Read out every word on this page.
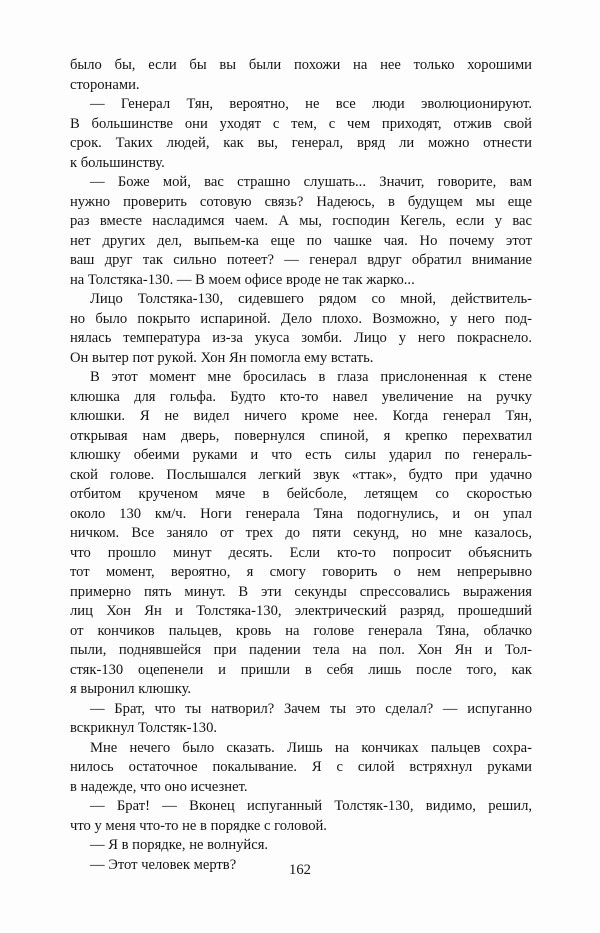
было бы, если бы вы были похожи на нее только хорошими
сторонами.
— Генерал Тян, вероятно, не все люди эволюционируют.
В большинстве они уходят с тем, с чем приходят, отжив свой
срок. Таких людей, как вы, генерал, вряд ли можно отнести
к большинству.
— Боже мой, вас страшно слушать... Значит, говорите, вам
нужно проверить сотовую связь? Надеюсь, в будущем мы еще
раз вместе насладимся чаем. А мы, господин Кегель, если у вас
нет других дел, выпьем-ка еще по чашке чая. Но почему этот
ваш друг так сильно потеет? — генерал вдруг обратил внимание
на Толстяка-130. — В моем офисе вроде не так жарко...
Лицо Толстяка-130, сидевшего рядом со мной, действитель-
но было покрыто испариной. Дело плохо. Возможно, у него под-
нялась температура из-за укуса зомби. Лицо у него покраснело.
Он вытер пот рукой. Хон Ян помогла ему встать.
В этот момент мне бросилась в глаза прислоненная к стене
клюшка для гольфа. Будто кто-то навел увеличение на ручку
клюшки. Я не видел ничего кроме нее. Когда генерал Тян,
открывая нам дверь, повернулся спиной, я крепко перехватил
клюшку обеими руками и что есть силы ударил по генераль-
ской голове. Послышался легкий звук «ттак», будто при удачно
отбитом крученом мяче в бейсболе, летящем со скоростью
около 130 км/ч. Ноги генерала Тяна подогнулись, и он упал
ничком. Все заняло от трех до пяти секунд, но мне казалось,
что прошло минут десять. Если кто-то попросит объяснить
тот момент, вероятно, я смогу говорить о нем непрерывно
примерно пять минут. В эти секунды спрессовались выражения
лиц Хон Ян и Толстяка-130, электрический разряд, прошедший
от кончиков пальцев, кровь на голове генерала Тяна, облачко
пыли, поднявшейся при падении тела на пол. Хон Ян и Тол-
стяк-130 оцепенели и пришли в себя лишь после того, как
я выронил клюшку.
— Брат, что ты натворил? Зачем ты это сделал? — испуганно
вскрикнул Толстяк-130.
Мне нечего было сказать. Лишь на кончиках пальцев сохра-
нилось остаточное покалывание. Я с силой встряхнул руками
в надежде, что оно исчезнет.
— Брат! — Вконец испуганный Толстяк-130, видимо, решил,
что у меня что-то не в порядке с головой.
— Я в порядке, не волнуйся.
— Этот человек мертв?	162
